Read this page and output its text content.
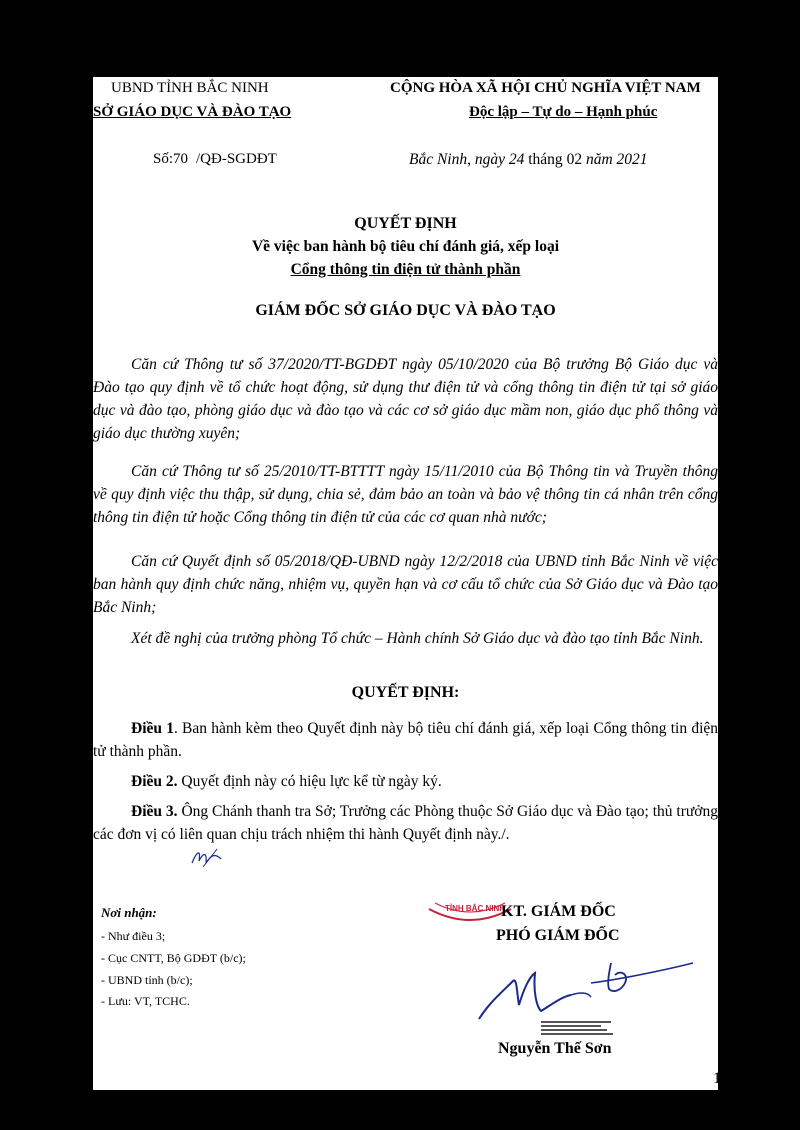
UBND TỈNH BẮC NINH
SỞ GIÁO DỤC VÀ ĐÀO TẠO
CỘNG HÒA XÃ HỘI CHỦ NGHĨA VIỆT NAM
Độc lập – Tự do – Hạnh phúc
Số:70 /QĐ-SGDĐT	Bắc Ninh, ngày 24 tháng 02 năm 2021
QUYẾT ĐỊNH
Về việc ban hành bộ tiêu chí đánh giá, xếp loại
Cổng thông tin điện tử thành phần
GIÁM ĐỐC SỞ GIÁO DỤC VÀ ĐÀO TẠO
Căn cứ Thông tư số 37/2020/TT-BGDĐT ngày 05/10/2020 của Bộ trưởng Bộ Giáo dục và Đào tạo quy định về tổ chức hoạt động, sử dụng thư điện tử và cổng thông tin điện tử tại sở giáo dục và đào tạo, phòng giáo dục và đào tạo và các cơ sở giáo dục mầm non, giáo dục phổ thông và giáo dục thường xuyên;
Căn cứ Thông tư số 25/2010/TT-BTTTT ngày 15/11/2010 của Bộ Thông tin và Truyền thông về quy định việc thu thập, sử dụng, chia sẻ, đảm bảo an toàn và bảo vệ thông tin cá nhân trên cổng thông tin điện tử hoặc Cổng thông tin điện tử của các cơ quan nhà nước;
Căn cứ Quyết định số 05/2018/QĐ-UBND ngày 12/2/2018 của UBND tỉnh Bắc Ninh về việc ban hành quy định chức năng, nhiệm vụ, quyền hạn và cơ cấu tổ chức của Sở Giáo dục và Đào tạo Bắc Ninh;
Xét đề nghị của trưởng phòng Tổ chức – Hành chính Sở Giáo dục và đào tạo tỉnh Bắc Ninh.
QUYẾT ĐỊNH:
Điều 1. Ban hành kèm theo Quyết định này bộ tiêu chí đánh giá, xếp loại Cổng thông tin điện tử thành phần.
Điều 2. Quyết định này có hiệu lực kể từ ngày ký.
Điều 3. Ông Chánh thanh tra Sở; Trưởng các Phòng thuộc Sở Giáo dục và Đào tạo; thủ trưởng các đơn vị có liên quan chịu trách nhiệm thi hành Quyết định này./.
Nơi nhận:
- Như điều 3;
- Cục CNTT, Bộ GDĐT (b/c);
- UBND tỉnh (b/c);
- Lưu: VT, TCHC.
TỈNH BẮC NINH
KT. GIÁM ĐỐC
PHÓ GIÁM ĐỐC
Nguyễn Thế Sơn
1
